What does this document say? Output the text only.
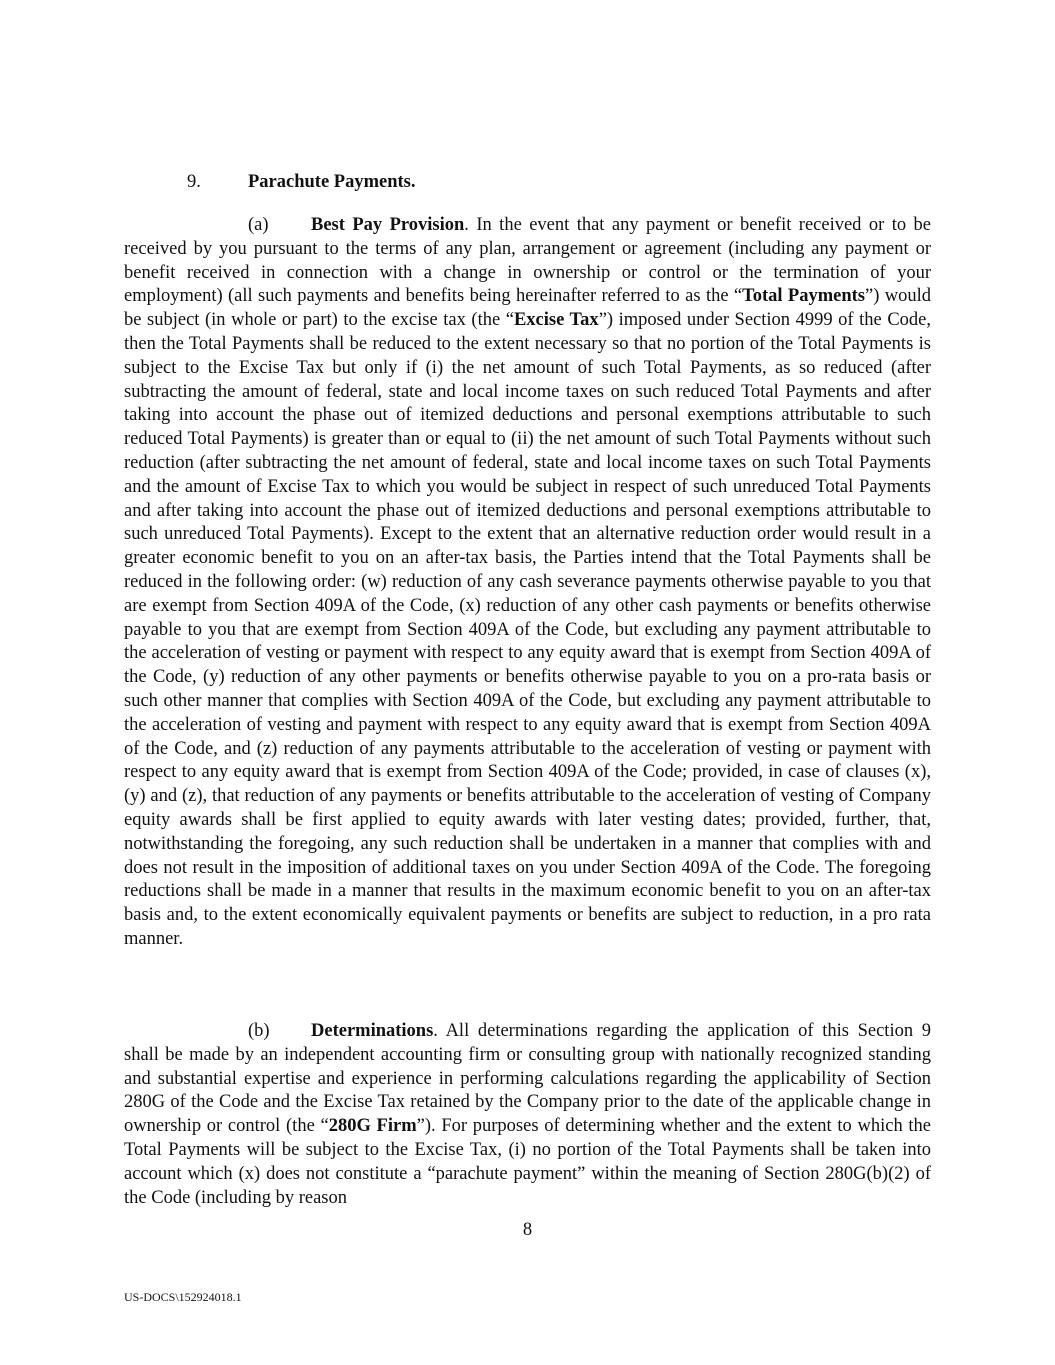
9.	Parachute Payments.

(a) Best Pay Provision. In the event that any payment or benefit received or to be received by you pursuant to the terms of any plan, arrangement or agreement (including any payment or benefit received in connection with a change in ownership or control or the termination of your employment) (all such payments and benefits being hereinafter referred to as the “Total Payments”) would be subject (in whole or part) to the excise tax (the “Excise Tax”) imposed under Section 4999 of the Code, then the Total Payments shall be reduced to the extent necessary so that no portion of the Total Payments is subject to the Excise Tax but only if (i) the net amount of such Total Payments, as so reduced (after subtracting the amount of federal, state and local income taxes on such reduced Total Payments and after taking into account the phase out of itemized deductions and personal exemptions attributable to such reduced Total Payments) is greater than or equal to (ii) the net amount of such Total Payments without such reduction (after subtracting the net amount of federal, state and local income taxes on such Total Payments and the amount of Excise Tax to which you would be subject in respect of such unreduced Total Payments and after taking into account the phase out of itemized deductions and personal exemptions attributable to such unreduced Total Payments). Except to the extent that an alternative reduction order would result in a greater economic benefit to you on an after-tax basis, the Parties intend that the Total Payments shall be reduced in the following order: (w) reduction of any cash severance payments otherwise payable to you that are exempt from Section 409A of the Code, (x) reduction of any other cash payments or benefits otherwise payable to you that are exempt from Section 409A of the Code, but excluding any payment attributable to the acceleration of vesting or payment with respect to any equity award that is exempt from Section 409A of the Code, (y) reduction of any other payments or benefits otherwise payable to you on a pro-rata basis or such other manner that complies with Section 409A of the Code, but excluding any payment attributable to the acceleration of vesting and payment with respect to any equity award that is exempt from Section 409A of the Code, and (z) reduction of any payments attributable to the acceleration of vesting or payment with respect to any equity award that is exempt from Section 409A of the Code; provided, in case of clauses (x), (y) and (z), that reduction of any payments or benefits attributable to the acceleration of vesting of Company equity awards shall be first applied to equity awards with later vesting dates; provided, further, that, notwithstanding the foregoing, any such reduction shall be undertaken in a manner that complies with and does not result in the imposition of additional taxes on you under Section 409A of the Code. The foregoing reductions shall be made in a manner that results in the maximum economic benefit to you on an after-tax basis and, to the extent economically equivalent payments or benefits are subject to reduction, in a pro rata manner.

(b) Determinations. All determinations regarding the application of this Section 9 shall be made by an independent accounting firm or consulting group with nationally recognized standing and substantial expertise and experience in performing calculations regarding the applicability of Section 280G of the Code and the Excise Tax retained by the Company prior to the date of the applicable change in ownership or control (the “280G Firm”). For purposes of determining whether and the extent to which the Total Payments will be subject to the Excise Tax, (i) no portion of the Total Payments shall be taken into account which (x) does not constitute a “parachute payment” within the meaning of Section 280G(b)(2) of the Code (including by reason

8
US-DOCS\152924018.1
